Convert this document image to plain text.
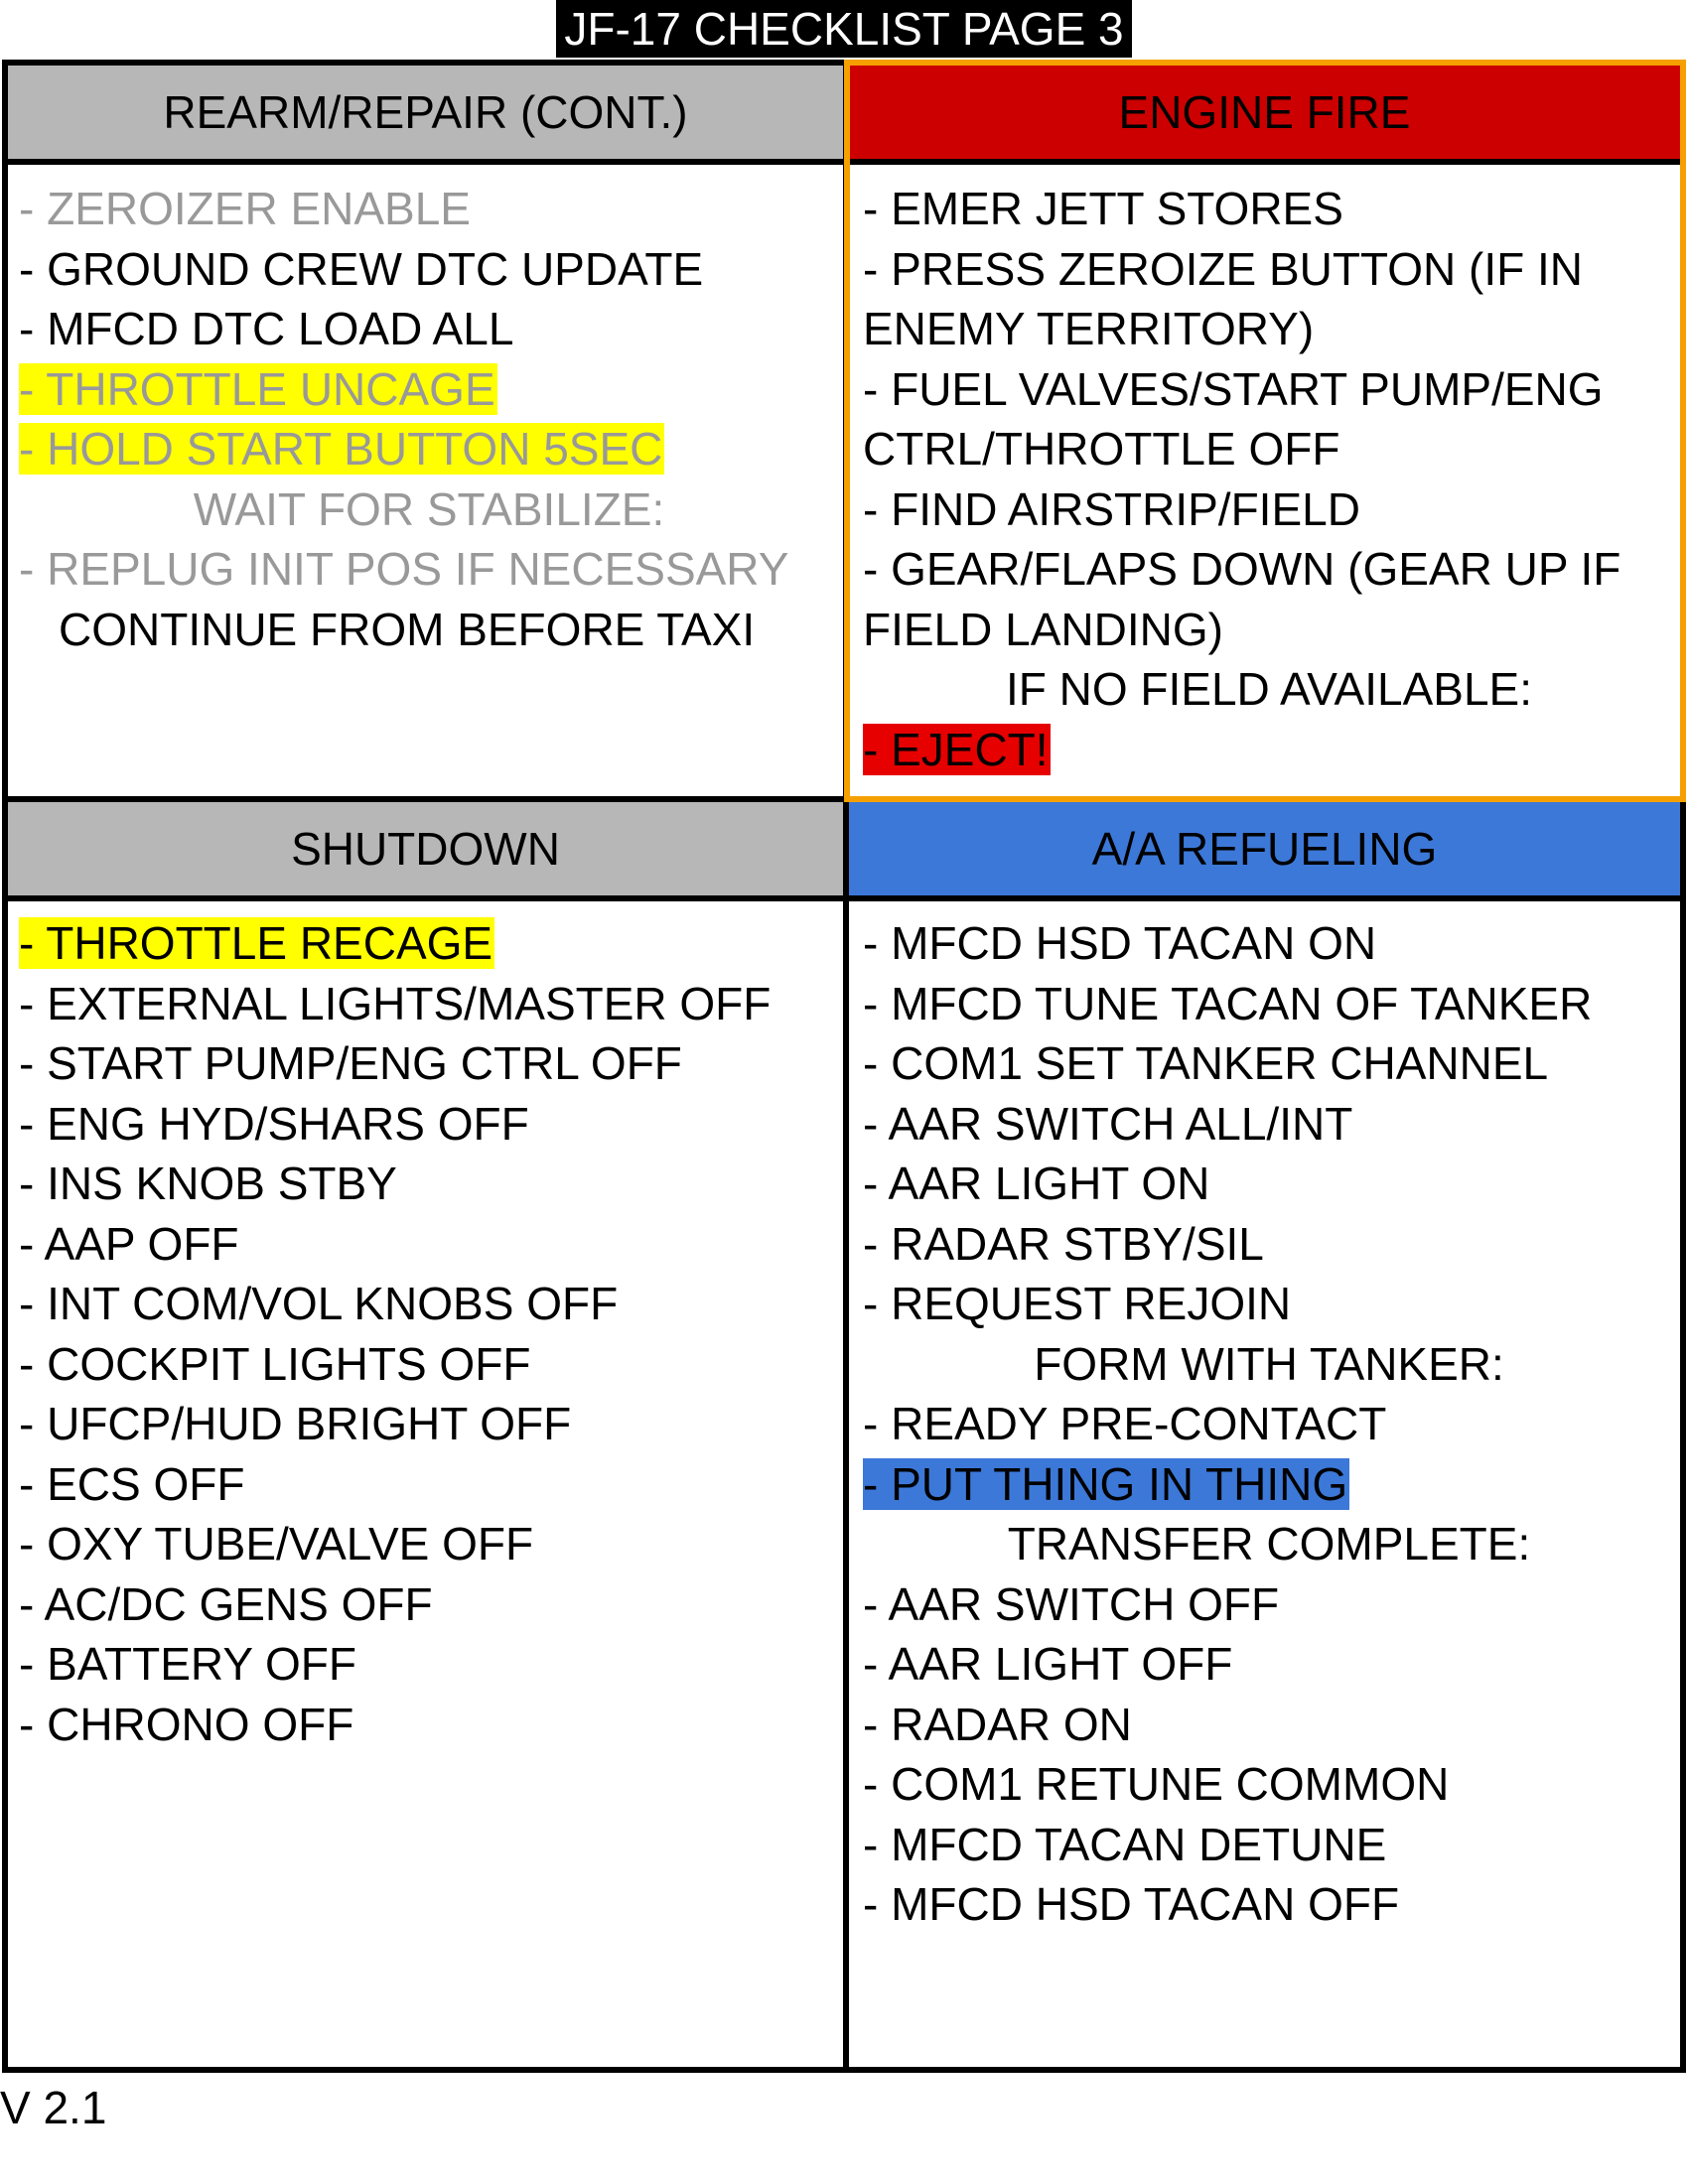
JF-17 CHECKLIST PAGE 3
REARM/REPAIR (CONT.)	ENGINE FIRE
SHUTDOWN	A/A REFUELING
- ZEROIZER ENABLE
- GROUND CREW DTC UPDATE
- MFCD DTC LOAD ALL
- THROTTLE UNCAGE
- HOLD START BUTTON 5SEC
WAIT FOR STABILIZE:
- REPLUG INIT POS IF NECESSARY
CONTINUE FROM BEFORE TAXI
- EMER JETT STORES
- PRESS ZEROIZE BUTTON (IF IN
ENEMY TERRITORY)
- FUEL VALVES/START PUMP/ENG
CTRL/THROTTLE OFF
- FIND AIRSTRIP/FIELD
- GEAR/FLAPS DOWN (GEAR UP IF
FIELD LANDING)
IF NO FIELD AVAILABLE:
- EJECT!
- THROTTLE RECAGE
- EXTERNAL LIGHTS/MASTER OFF
- START PUMP/ENG CTRL OFF
- ENG HYD/SHARS OFF
- INS KNOB STBY
- AAP OFF
- INT COM/VOL KNOBS OFF
- COCKPIT LIGHTS OFF
- UFCP/HUD BRIGHT OFF
- ECS OFF
- OXY TUBE/VALVE OFF
- AC/DC GENS OFF
- BATTERY OFF
- CHRONO OFF
- MFCD HSD TACAN ON
- MFCD TUNE TACAN OF TANKER
- COM1 SET TANKER CHANNEL
- AAR SWITCH ALL/INT
- AAR LIGHT ON
- RADAR STBY/SIL
- REQUEST REJOIN
FORM WITH TANKER:
- READY PRE-CONTACT
- PUT THING IN THING
TRANSFER COMPLETE:
- AAR SWITCH OFF
- AAR LIGHT OFF
- RADAR ON
- COM1 RETUNE COMMON
- MFCD TACAN DETUNE
- MFCD HSD TACAN OFF
V 2.1
